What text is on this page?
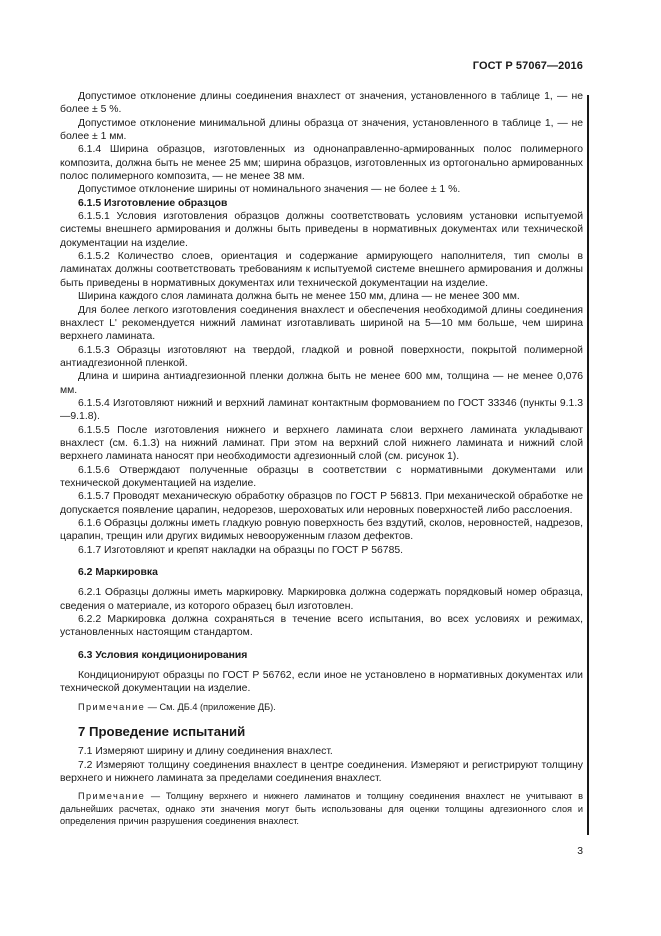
ГОСТ Р 57067—2016

Допустимое отклонение длины соединения внахлест от значения, установленного в таблице 1, — не более ± 5 %.

Допустимое отклонение минимальной длины образца от значения, установленного в таблице 1, — не более ± 1 мм.

6.1.4 Ширина образцов, изготовленных из однонаправленно-армированных полос полимерного композита, должна быть не менее 25 мм; ширина образцов, изготовленных из ортогонально армированных полос полимерного композита, — не менее 38 мм.

Допустимое отклонение ширины от номинального значения — не более ± 1 %.

6.1.5 Изготовление образцов

6.1.5.1 Условия изготовления образцов должны соответствовать условиям установки испытуемой системы внешнего армирования и должны быть приведены в нормативных документах или технической документации на изделие.

6.1.5.2 Количество слоев, ориентация и содержание армирующего наполнителя, тип смолы в ламинатах должны соответствовать требованиям к испытуемой системе внешнего армирования и должны быть приведены в нормативных документах или технической документации на изделие.

Ширина каждого слоя ламината должна быть не менее 150 мм, длина — не менее 300 мм.

Для более легкого изготовления соединения внахлест и обеспечения необходимой длины соединения внахлест L' рекомендуется нижний ламинат изготавливать шириной на 5—10 мм больше, чем ширина верхнего ламината.

6.1.5.3 Образцы изготовляют на твердой, гладкой и ровной поверхности, покрытой полимерной антиадгезионной пленкой.

Длина и ширина антиадгезионной пленки должна быть не менее 600 мм, толщина — не менее 0,076 мм.

6.1.5.4 Изготовляют нижний и верхний ламинат контактным формованием по ГОСТ 33346 (пункты 9.1.3—9.1.8).

6.1.5.5 После изготовления нижнего и верхнего ламината слои верхнего ламината укладывают внахлест (см. 6.1.3) на нижний ламинат. При этом на верхний слой нижнего ламината и нижний слой верхнего ламината наносят при необходимости адгезионный слой (см. рисунок 1).

6.1.5.6 Отверждают полученные образцы в соответствии с нормативными документами или технической документацией на изделие.

6.1.5.7 Проводят механическую обработку образцов по ГОСТ Р 56813. При механической обработке не допускается появление царапин, недорезов, шероховатых или неровных поверхностей либо расслоения.

6.1.6 Образцы должны иметь гладкую ровную поверхность без вздутий, сколов, неровностей, надрезов, царапин, трещин или других видимых невооруженным глазом дефектов.

6.1.7 Изготовляют и крепят накладки на образцы по ГОСТ Р 56785.

6.2 Маркировка

6.2.1 Образцы должны иметь маркировку. Маркировка должна содержать порядковый номер образца, сведения о материале, из которого образец был изготовлен.

6.2.2 Маркировка должна сохраняться в течение всего испытания, во всех условиях и режимах, установленных настоящим стандартом.

6.3 Условия кондиционирования

Кондиционируют образцы по ГОСТ Р 56762, если иное не установлено в нормативных документах или технической документации на изделие.

Примечание — См. ДБ.4 (приложение ДБ).

7 Проведение испытаний

7.1 Измеряют ширину и длину соединения внахлест.

7.2 Измеряют толщину соединения внахлест в центре соединения. Измеряют и регистрируют толщину верхнего и нижнего ламината за пределами соединения внахлест.

Примечание — Толщину верхнего и нижнего ламинатов и толщину соединения внахлест не учитывают в дальнейших расчетах, однако эти значения могут быть использованы для оценки толщины адгезионного слоя и определения причин разрушения соединения внахлест.

3
